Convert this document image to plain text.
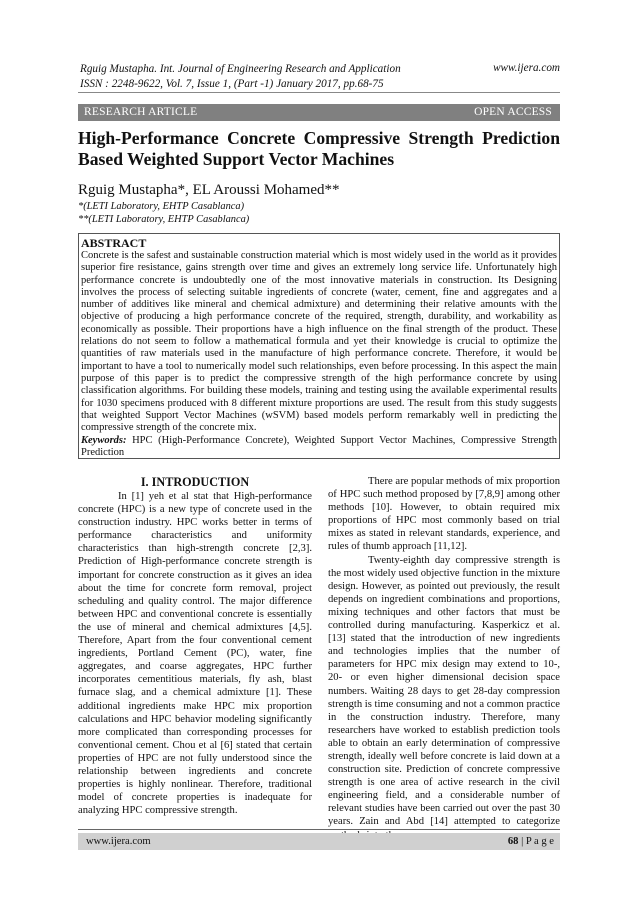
Rguig Mustapha. Int. Journal of Engineering Research and Application
ISSN : 2248-9622, Vol. 7, Issue 1, (Part -1) January 2017, pp.68-75
www.ijera.com
RESEARCH ARTICLE	OPEN ACCESS
High-Performance Concrete Compressive Strength Prediction
Based Weighted Support Vector Machines
Rguig Mustapha*, EL Aroussi Mohamed**
*(LETI Laboratory, EHTP Casablanca)
**(LETI Laboratory, EHTP Casablanca)
ABSTRACT
Concrete is the safest and sustainable construction material which is most widely used in the world as it provides superior fire resistance, gains strength over time and gives an extremely long service life. Unfortunately high performance concrete is undoubtedly one of the most innovative materials in construction. Its Designing involves the process of selecting suitable ingredients of concrete (water, cement, fine and aggregates and a number of additives like mineral and chemical admixture) and determining their relative amounts with the objective of producing a high performance concrete of the required, strength, durability, and workability as economically as possible. Their proportions have a high influence on the final strength of the product. These relations do not seem to follow a mathematical formula and yet their knowledge is crucial to optimize the quantities of raw materials used in the manufacture of high performance concrete. Therefore, it would be important to have a tool to numerically model such relationships, even before processing. In this aspect the main purpose of this paper is to predict the compressive strength of the high performance concrete by using classification algorithms. For building these models, training and testing using the available experimental results for 1030 specimens produced with 8 different mixture proportions are used. The result from this study suggests that weighted Support Vector Machines (wSVM) based models perform remarkably well in predicting the compressive strength of the concrete mix.
Keywords: HPC (High-Performance Concrete), Weighted Support Vector Machines, Compressive Strength Prediction
I. INTRODUCTION

In [1] yeh et al stat that High-performance concrete (HPC) is a new type of concrete used in the construction industry. HPC works better in terms of performance characteristics and uniformity characteristics than high-strength concrete [2,3]. Prediction of High-performance concrete strength is important for concrete construction as it gives an idea about the time for concrete form removal, project scheduling and quality control. The major difference between HPC and conventional concrete is essentially the use of mineral and chemical admixtures [4,5]. Therefore, Apart from the four conventional cement ingredients, Portland Cement (PC), water, fine aggregates, and coarse aggregates, HPC further incorporates cementitious materials, fly ash, blast furnace slag, and a chemical admixture [1]. These additional ingredients make HPC mix proportion calculations and HPC behavior modeling significantly more complicated than corresponding processes for conventional cement. Chou et al [6] stated that certain properties of HPC are not fully understood since the relationship between ingredients and concrete properties is highly nonlinear. Therefore, traditional model of concrete properties is inadequate for analyzing HPC compressive strength.

There are popular methods of mix proportion of HPC such method proposed by [7,8,9] among other methods [10]. However, to obtain required mix proportions of HPC most commonly based on trial mixes as stated in relevant standards, experience, and rules of thumb approach [11,12].

Twenty-eighth day compressive strength is the most widely used objective function in the mixture design. However, as pointed out previously, the result depends on ingredient combinations and proportions, mixing techniques and other factors that must be controlled during manufacturing. Kasperkicz et al. [13] stated that the introduction of new ingredients and technologies implies that the number of parameters for HPC mix design may extend to 10-, 20- or even higher dimensional decision space numbers. Waiting 28 days to get 28-day compression strength is time consuming and not a common practice in the construction industry. Therefore, many researchers have worked to establish prediction tools able to obtain an early determination of compressive strength, ideally well before concrete is laid down at a construction site. Prediction of concrete compressive strength is one area of active research in the civil engineering field, and a considerable number of relevant studies have been carried out over the past 30 years. Zain and Abd [14] attempted to categorize

www.ijera.com	68 | P a g e
